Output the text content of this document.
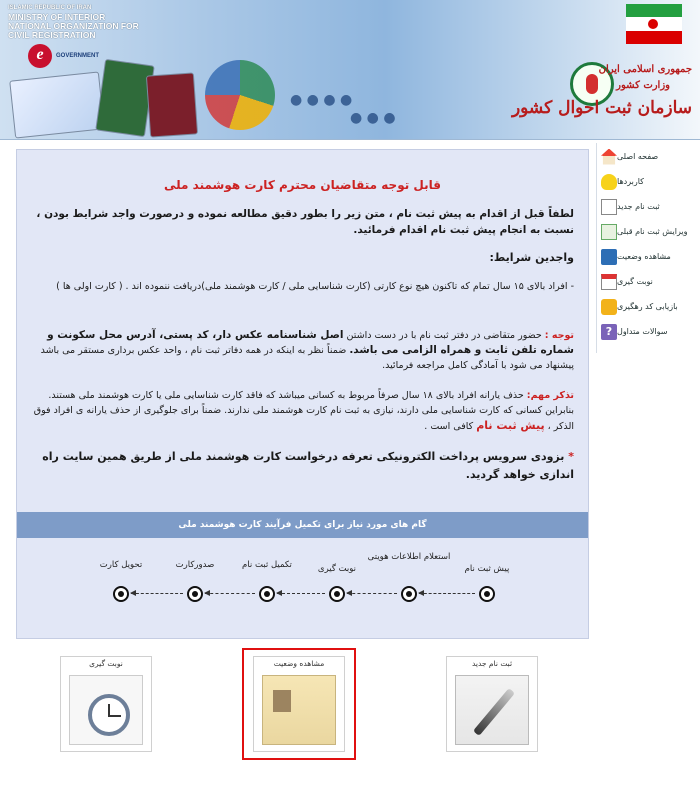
ISLAMIC REPUBLIC OF IRAN
MINISTRY OF INTERIOR
NATIONAL ORGANIZATION FOR
CIVIL REGISTRATION
e	GOVERNMENT
● ● ● ●
● ● ●
جمهوری اسلامی ایران
وزارت کشور
سازمان ثبت احوال کشور
صفحه اصلی
کاربردها
ثبت نام جدید
ویرایش ثبت نام قبلی
مشاهده وضعیت
نوبت گیری
بازیابی کد رهگیری
? سوالات متداول
قابل توجه متقاضیان محترم کارت هوشمند ملی
لطفاً قبل از اقدام به پیش ثبت نام ، متن زیر را بطور دقیق مطالعه نموده و درصورت واجد شرایط بودن ، نسبت به انجام پیش ثبت نام اقدام فرمائید.
واجدین شرایط:
- افراد بالای ۱۵ سال تمام که تاکنون هیچ نوع کارتی (کارت شناسایی ملی / کارت هوشمند ملی)دریافت ننموده اند . ( کارت اولی ها )
توجه : حضور متقاضی در دفتر ثبت نام با در دست داشتن اصل شناسنامه عکس دار، کد پستی، آدرس محل سکونت و شماره تلفن ثابت و همراه الزامی می باشد. ضمناً نظر به اینکه در همه دفاتر ثبت نام ، واحد عکس برداری مستقر می باشد پیشنهاد می شود با آمادگی کامل مراجعه فرمائید.
تذکر مهم: حذف یارانه افراد بالای ۱۸ سال صرفاً مربوط به کسانی میباشد که فاقد کارت شناسایی ملی یا کارت هوشمند ملی هستند. بنابراین کسانی که کارت شناسایی ملی دارند، نیازی به ثبت نام کارت هوشمند ملی ندارند. ضمناً برای جلوگیری از حذف یارانه ی افراد فوق الذکر ، پیش ثبت نام کافی است .
* بزودی سرویس پرداخت الکترونیکی تعرفه درخواست کارت هوشمند ملی از طریق همین سایت راه اندازی خواهد گردید.
گام های مورد نیاز برای تکمیل فرآیند کارت هوشمند ملی
پیش ثبت نام
استعلام اطلاعات هویتی
نوبت گیری
تکمیل ثبت نام
صدورکارت
تحویل کارت
نوبت گیری	مشاهده وضعیت	ثبت نام جدید
